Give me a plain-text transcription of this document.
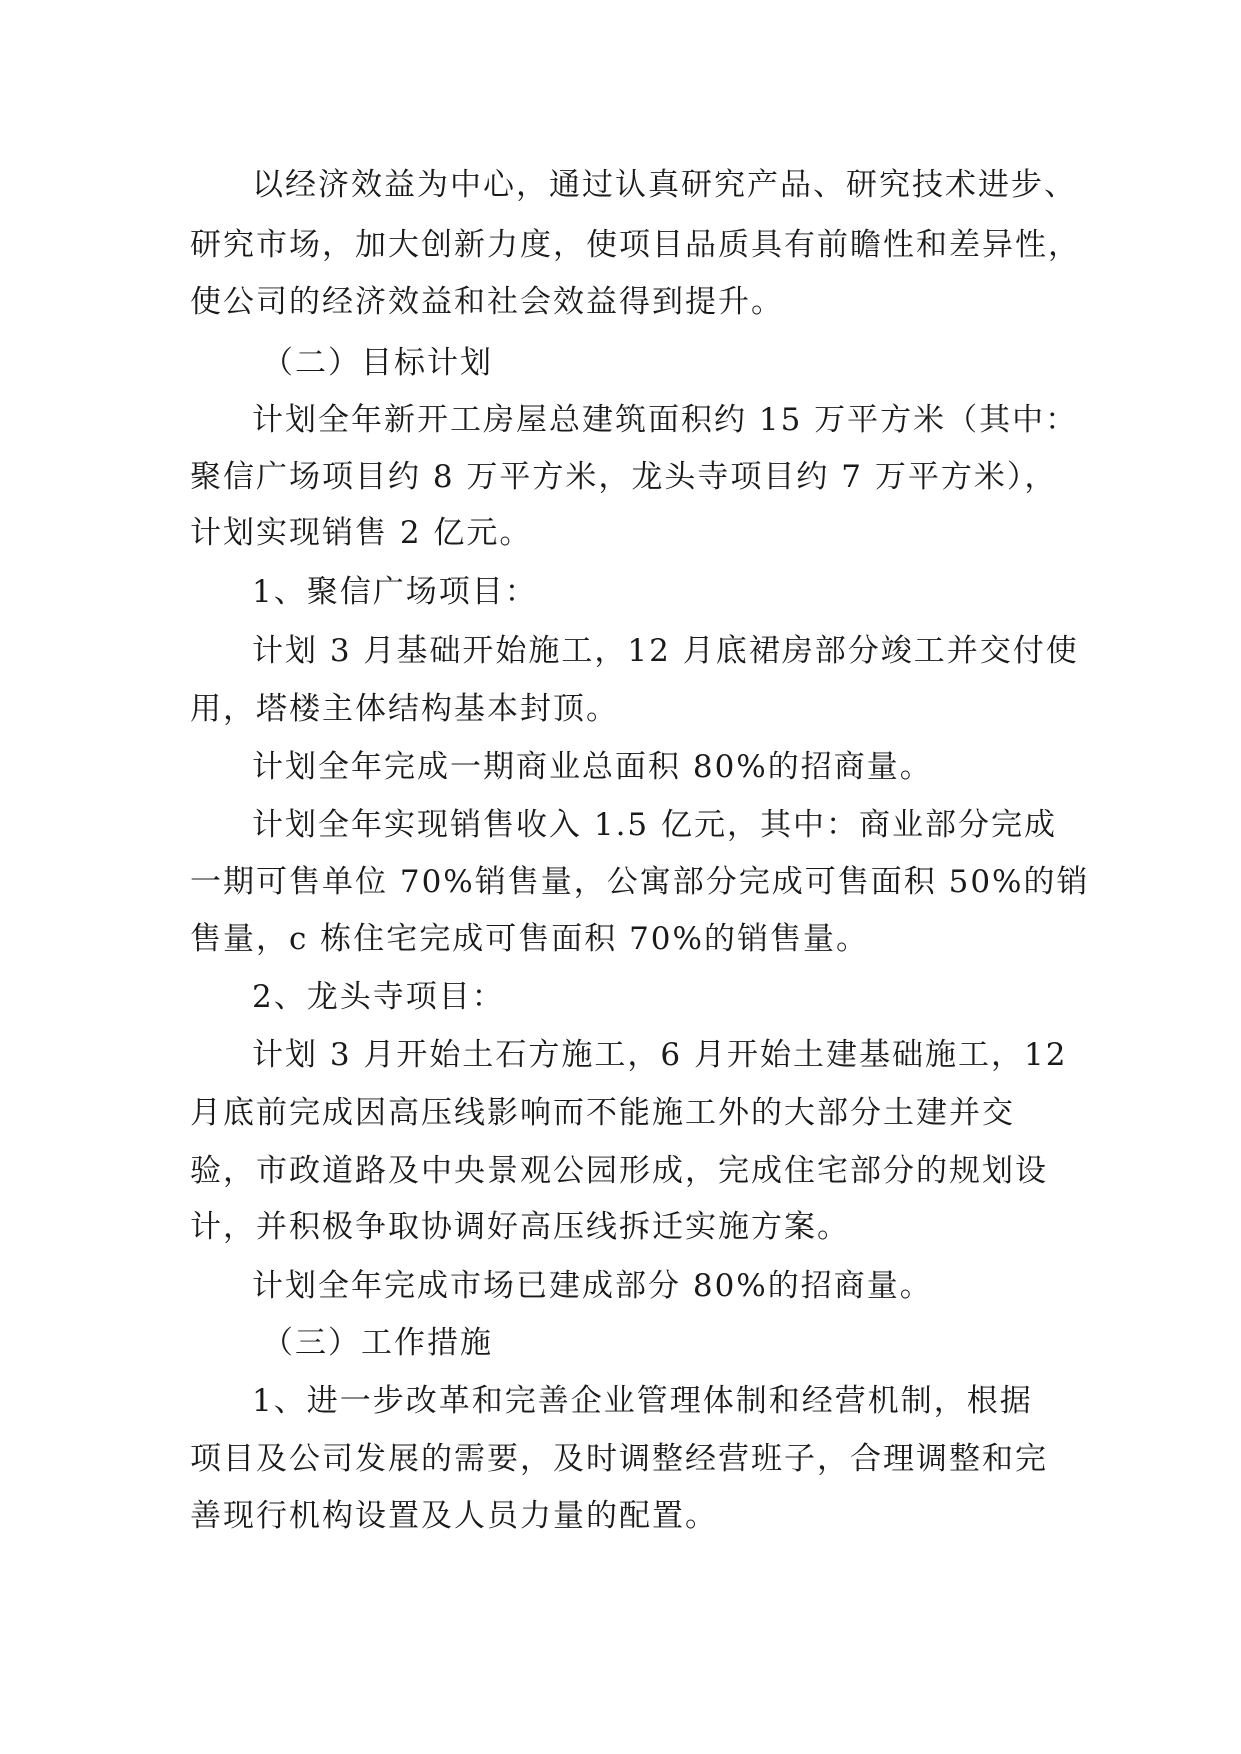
以经济效益为中心，通过认真研究产品、研究技术进步、
研究市场，加大创新力度，使项目品质具有前瞻性和差异性，
使公司的经济效益和社会效益得到提升。
（二）目标计划
计划全年新开工房屋总建筑面积约 15 万平方米（其中：
聚信广场项目约 8 万平方米，龙头寺项目约 7 万平方米），
计划实现销售 2 亿元。
1、聚信广场项目：
计划 3 月基础开始施工，12 月底裙房部分竣工并交付使
用，塔楼主体结构基本封顶。
计划全年完成一期商业总面积 80%的招商量。
计划全年实现销售收入 1.5 亿元，其中：商业部分完成
一期可售单位 70%销售量，公寓部分完成可售面积 50%的销
售量，c 栋住宅完成可售面积 70%的销售量。
2、龙头寺项目：
计划 3 月开始土石方施工，6 月开始土建基础施工，12
月底前完成因高压线影响而不能施工外的大部分土建并交
验，市政道路及中央景观公园形成，完成住宅部分的规划设
计，并积极争取协调好高压线拆迁实施方案。
计划全年完成市场已建成部分 80%的招商量。
（三）工作措施
1、进一步改革和完善企业管理体制和经营机制，根据
项目及公司发展的需要，及时调整经营班子，合理调整和完
善现行机构设置及人员力量的配置。
